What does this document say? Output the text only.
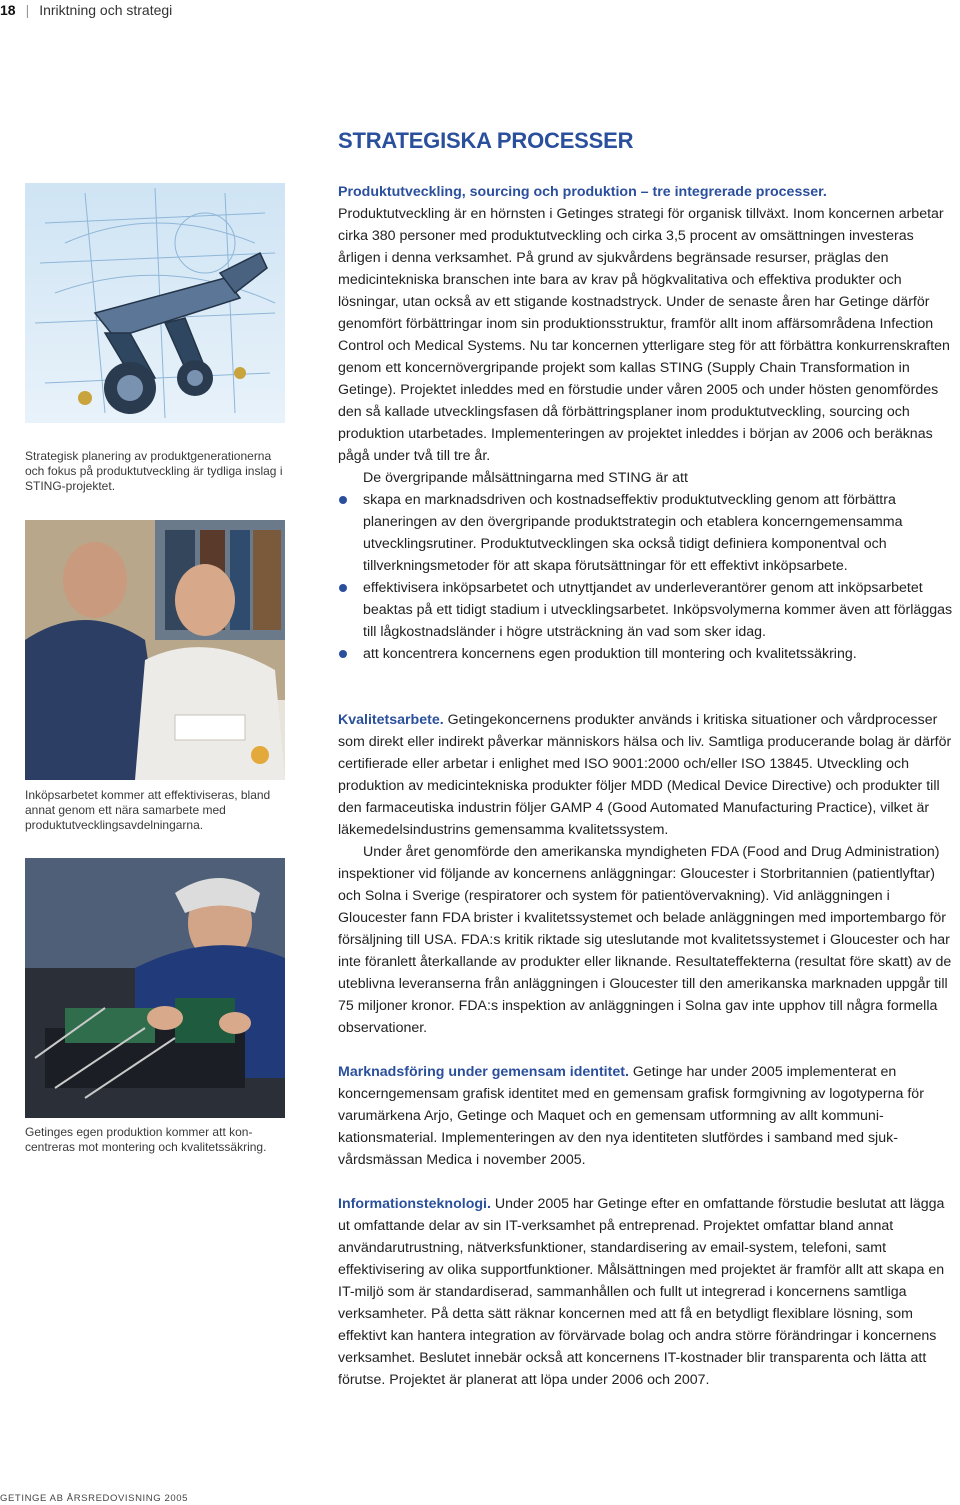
18 | Inriktning och strategi
Strategisk planering av produktgenerationerna och fokus på produktutveckling är tydliga inslag i STING-projektet.
Inköpsarbetet kommer att effektiviseras, bland annat genom ett nära samarbete med produktutvecklingsavdelningarna.
Getinges egen produktion kommer att koncentreras mot montering och kvalitetssäkring.
STRATEGISKA PROCESSER

Produktutveckling, sourcing och produktion – tre integrerade processer.

Produktutveckling är en hörnsten i Getinges strategi för organisk tillväxt. Inom koncernen arbetar cirka 380 personer med produktutveckling och cirka 3,5 procent av omsättningen investeras årligen i denna verksamhet. På grund av sjukvårdens begränsade resurser, präglas den medicintekniska branschen inte bara av krav på högkvalitativa och effektiva produkter och lösningar, utan också av ett stigande kostnadstryck. Under de senaste åren har Getinge därför genomfört förbättringar inom sin produktionsstruktur, framför allt inom affärsområdena Infection Control och Medical Systems. Nu tar koncernen ytterligare steg för att förbättra konkurrenskraften genom ett koncernövergripande projekt som kallas STING (Supply Chain Transformation in Getinge). Projektet inleddes med en förstudie under våren 2005 och under hösten genomfördes den så kallade utvecklingsfasen då förbättringsplaner inom produktutveckling, sourcing och produktion utarbetades. Implementeringen av projektet inleddes i början av 2006 och beräknas pågå under två till tre år.

De övergripande målsättningarna med STING är att

skapa en marknadsdriven och kostnadseffektiv produktutveckling genom att förbättra planeringen av den övergripande produktstrategin och etablera koncerngemensamma utvecklingsrutiner. Produktutvecklingen ska också tidigt definiera komponentval och tillverkningsmetoder för att skapa förutsättningar för ett effektivt inköpsarbete.
effektivisera inköpsarbetet och utnyttjandet av underleverantörer genom att inköpsarbetet beaktas på ett tidigt stadium i utvecklingsarbetet. Inköpsvolymerna kommer även att förläggas till lågkostnadsländer i högre utsträckning än vad som sker idag.
att koncentrera koncernens egen produktion till montering och kvalitetssäkring.

Kvalitetsarbete. Getingekoncernens produkter används i kritiska situationer och vårdprocesser som direkt eller indirekt påverkar människors hälsa och liv. Samtliga producerande bolag är därför certifierade eller arbetar i enlighet med ISO 9001:2000 och/eller ISO 13845. Utveckling och produktion av medicintekniska produkter följer MDD (Medical Device Directive) och produkter till den farmaceutiska industrin följer GAMP 4 (Good Automated Manufacturing Practice), vilket är läkemedelsindustrins gemensamma kvalitetssystem.

Under året genomförde den amerikanska myndigheten FDA (Food and Drug Administration) inspektioner vid följande av koncernens anläggningar: Gloucester i Storbritannien (patientlyftar) och Solna i Sverige (respiratorer och system för patientövervakning). Vid anläggningen i Gloucester fann FDA brister i kvalitetssystemet och belade anläggningen med importembargo för försäljning till USA. FDA:s kritik riktade sig uteslutande mot kvalitetssystemet i Gloucester och har inte föranlett återkallande av produkter eller liknande. Resultateffekterna (resultat före skatt) av de uteblivna leveranserna från anläggningen i Gloucester till den amerikanska marknaden uppgår till 75 miljoner kronor. FDA:s inspektion av anläggningen i Solna gav inte upphov till några formella observationer.

Marknadsföring under gemensam identitet. Getinge har under 2005 implementerat en koncerngemensam grafisk identitet med en gemensam grafisk formgivning av logotyperna för varumärkena Arjo, Getinge och Maquet och en gemensam utformning av allt kommunikationsmaterial. Implementeringen av den nya identiteten slutfördes i samband med sjukvårdsmässan Medica i november 2005.

Informationsteknologi. Under 2005 har Getinge efter en omfattande förstudie beslutat att lägga ut omfattande delar av sin IT-verksamhet på entreprenad. Projektet omfattar bland annat användarutrustning, nätverksfunktioner, standardisering av email-system, telefoni, samt effektivisering av olika supportfunktioner. Målsättningen med projektet är framför allt att skapa en IT-miljö som är standardiserad, sammanhållen och fullt ut integrerad i koncernens samtliga verksamheter. På detta sätt räknar koncernen med att få en betydligt flexiblare lösning, som effektivt kan hantera integration av förvärvade bolag och andra större förändringar i koncernens verksamhet. Beslutet innebär också att koncernens IT-kostnader blir transparenta och lätta att förutse. Projektet är planerat att löpa under 2006 och 2007.

GETINGE AB ÅRSREDOVISNING 2005
